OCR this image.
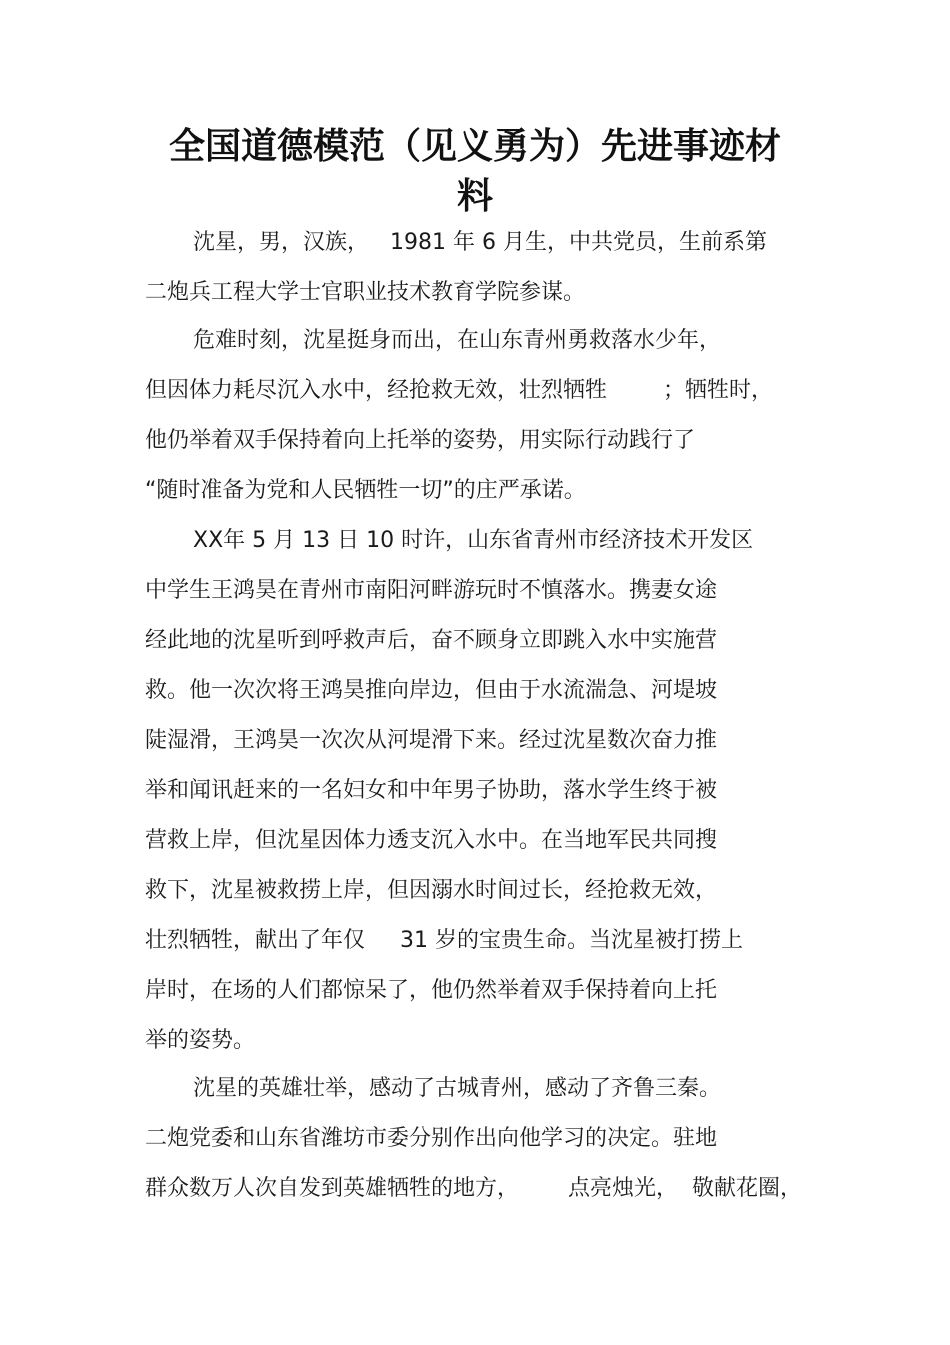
全国道德模范（见义勇为）先进事迹材
料
沈星，男，汉族，   1981 年 6 月生，中共党员，生前系第
二炮兵工程大学士官职业技术教育学院参谋。
危难时刻，沈星挺身而出，在山东青州勇救落水少年，
但因体力耗尽沉入水中，经抢救无效，壮烈牺牲        ；牺牲时，
他仍举着双手保持着向上托举的姿势，用实际行动践行了
“随时准备为党和人民牺牲一切”的庄严承诺。
XX年 5 月 13 日 10 时许，山东省青州市经济技术开发区
中学生王鸿昊在青州市南阳河畔游玩时不慎落水。携妻女途
经此地的沈星听到呼救声后，奋不顾身立即跳入水中实施营
救。他一次次将王鸿昊推向岸边，但由于水流湍急、河堤坡
陡湿滑，王鸿昊一次次从河堤滑下来。经过沈星数次奋力推
举和闻讯赶来的一名妇女和中年男子协助，落水学生终于被
营救上岸，但沈星因体力透支沉入水中。在当地军民共同搜
救下，沈星被救捞上岸，但因溺水时间过长，经抢救无效，
壮烈牺牲，献出了年仅     31 岁的宝贵生命。当沈星被打捞上
岸时，在场的人们都惊呆了，他仍然举着双手保持着向上托
举的姿势。
沈星的英雄壮举，感动了古城青州，感动了齐鲁三秦。
二炮党委和山东省潍坊市委分别作出向他学习的决定。驻地
群众数万人次自发到英雄牺牲的地方，       点亮烛光，  敬献花圈，
